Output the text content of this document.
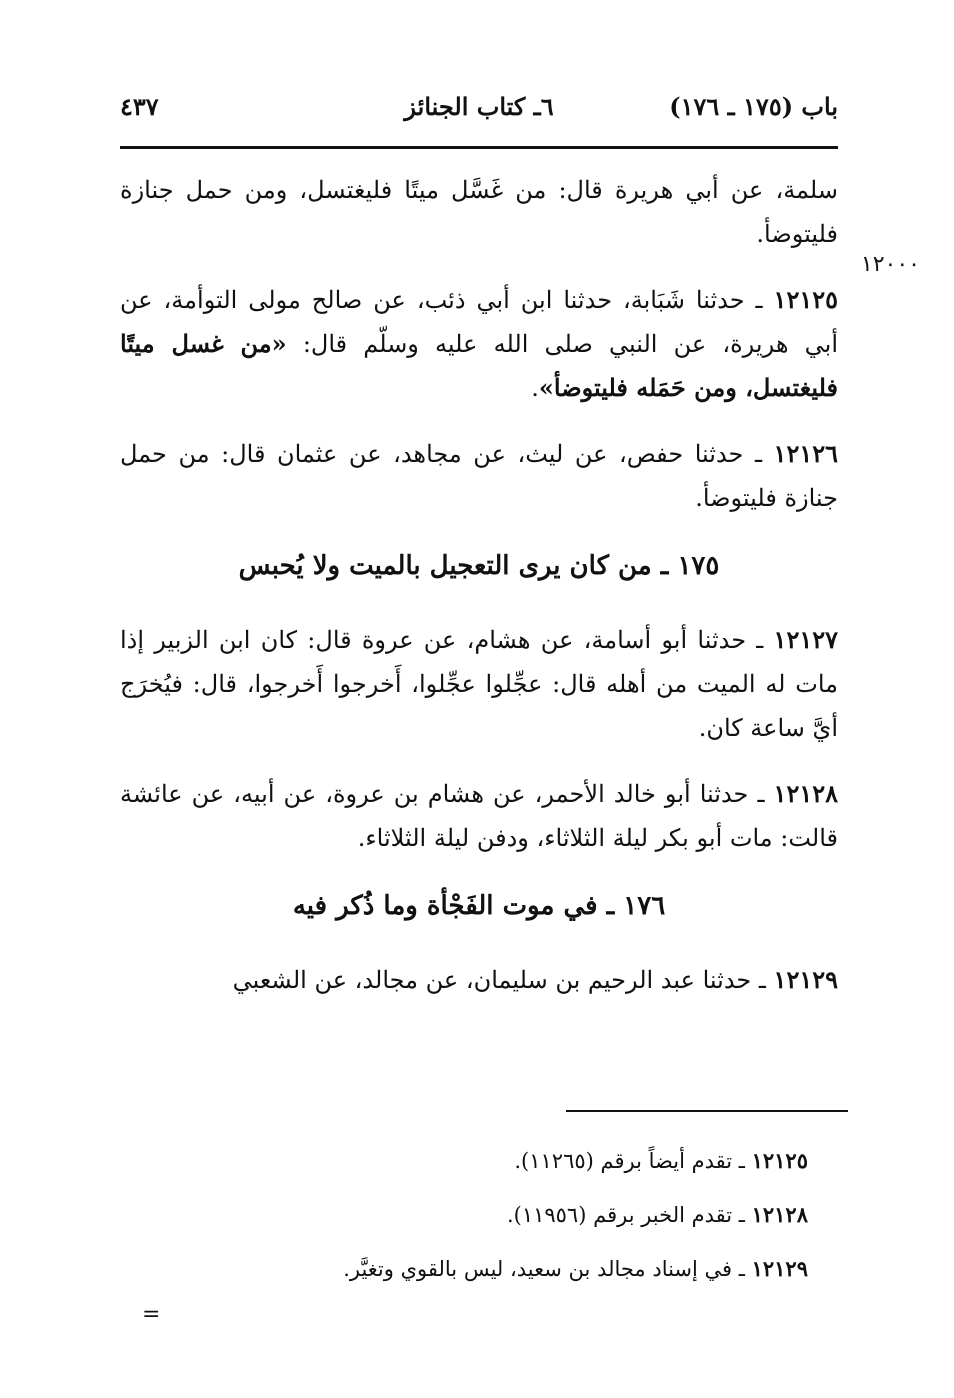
باب (١٧٥ ـ ١٧٦)
٦ـ كتاب الجنائز
٤٣٧
١٢٠٠٠

سلمة، عن أبي هريرة قال: من غَسَّل ميتًا فليغتسل، ومن حمل جنازة فليتوضأ.

١٢١٢٥ ـ حدثنا شَبَابة، حدثنا ابن أبي ذئب، عن صالح مولى التوأمة، عن أبي هريرة، عن النبي صلى الله عليه وسلّم قال: «من غسل ميتًا فليغتسل، ومن حَمَله فليتوضأ».

١٢١٢٦ ـ حدثنا حفص، عن ليث، عن مجاهد، عن عثمان قال: من حمل جنازة فليتوضأ.

١٧٥ ـ من كان يرى التعجيل بالميت ولا يُحبس

١٢١٢٧ ـ حدثنا أبو أسامة، عن هشام، عن عروة قال: كان ابن الزبير إذا مات له الميت من أهله قال: عجِّلوا عجِّلوا، أَخرجوا أَخرجوا، قال: فيُخرَج أيَّ ساعة كان.

١٢١٢٨ ـ حدثنا أبو خالد الأحمر، عن هشام بن عروة، عن أبيه، عن عائشة قالت: مات أبو بكر ليلة الثلاثاء، ودفن ليلة الثلاثاء.

١٧٦ ـ في موت الفَجْأة وما ذُكر فيه

١٢١٢٩ ـ حدثنا عبد الرحيم بن سليمان، عن مجالد، عن الشعبي

١٢١٢٥ ـ تقدم أيضاً برقم (١١٢٦٥).

١٢١٢٨ ـ تقدم الخبر برقم (١١٩٥٦).

١٢١٢٩ ـ في إسناد مجالد بن سعيد، ليس بالقوي وتغيَّر.

=
